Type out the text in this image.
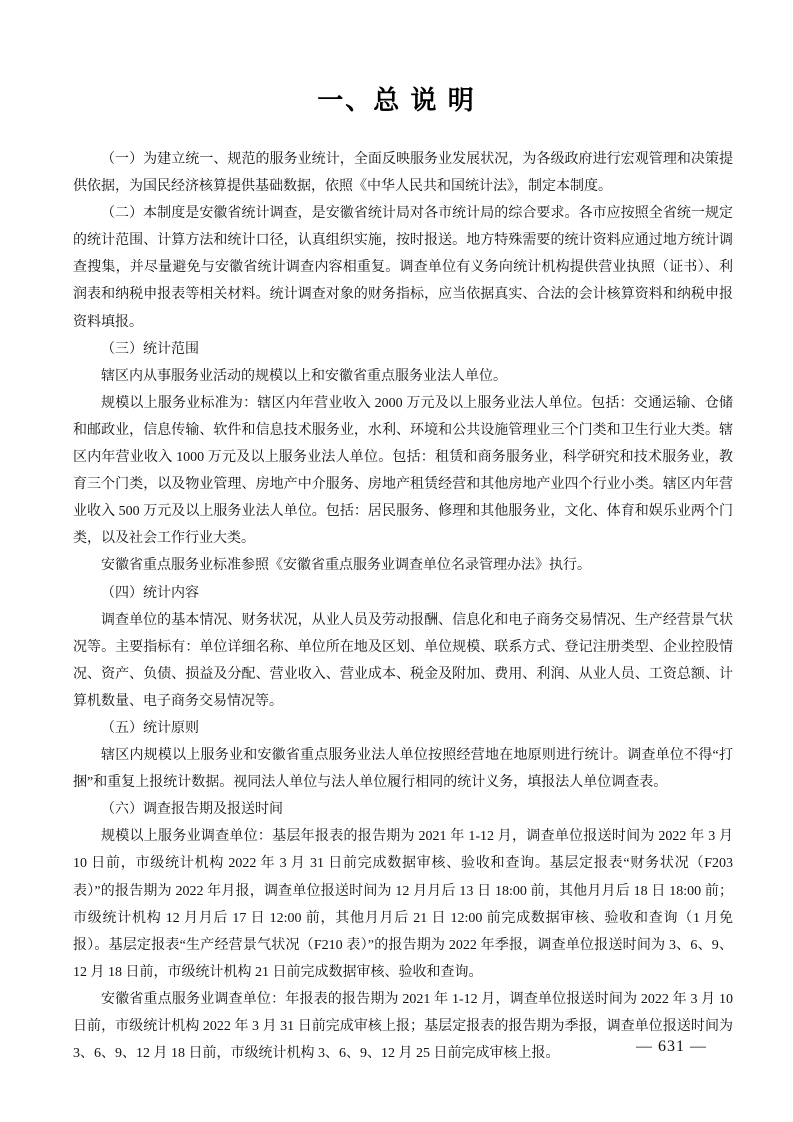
一、总 说 明

（一）为建立统一、规范的服务业统计，全面反映服务业发展状况，为各级政府进行宏观管理和决策提供依据，为国民经济核算提供基础数据，依照《中华人民共和国统计法》，制定本制度。

（二）本制度是安徽省统计调查，是安徽省统计局对各市统计局的综合要求。各市应按照全省统一规定的统计范围、计算方法和统计口径，认真组织实施，按时报送。地方特殊需要的统计资料应通过地方统计调查搜集，并尽量避免与安徽省统计调查内容相重复。调查单位有义务向统计机构提供营业执照（证书）、利润表和纳税申报表等相关材料。统计调查对象的财务指标，应当依据真实、合法的会计核算资料和纳税申报资料填报。

（三）统计范围

辖区内从事服务业活动的规模以上和安徽省重点服务业法人单位。

规模以上服务业标准为：辖区内年营业收入 2000 万元及以上服务业法人单位。包括：交通运输、仓储和邮政业，信息传输、软件和信息技术服务业，水利、环境和公共设施管理业三个门类和卫生行业大类。辖区内年营业收入 1000 万元及以上服务业法人单位。包括：租赁和商务服务业，科学研究和技术服务业，教育三个门类，以及物业管理、房地产中介服务、房地产租赁经营和其他房地产业四个行业小类。辖区内年营业收入 500 万元及以上服务业法人单位。包括：居民服务、修理和其他服务业，文化、体育和娱乐业两个门类，以及社会工作行业大类。

安徽省重点服务业标准参照《安徽省重点服务业调查单位名录管理办法》执行。

（四）统计内容

调查单位的基本情况、财务状况，从业人员及劳动报酬、信息化和电子商务交易情况、生产经营景气状况等。主要指标有：单位详细名称、单位所在地及区划、单位规模、联系方式、登记注册类型、企业控股情况、资产、负债、损益及分配、营业收入、营业成本、税金及附加、费用、利润、从业人员、工资总额、计算机数量、电子商务交易情况等。

（五）统计原则

辖区内规模以上服务业和安徽省重点服务业法人单位按照经营地在地原则进行统计。调查单位不得“打捆”和重复上报统计数据。视同法人单位与法人单位履行相同的统计义务，填报法人单位调查表。

（六）调查报告期及报送时间

规模以上服务业调查单位：基层年报表的报告期为 2021 年 1-12 月，调查单位报送时间为 2022 年 3 月 10 日前，市级统计机构 2022 年 3 月 31 日前完成数据审核、验收和查询。基层定报表“财务状况（F203 表）”的报告期为 2022 年月报，调查单位报送时间为 12 月月后 13 日 18:00 前，其他月月后 18 日 18:00 前；市级统计机构 12 月月后 17 日 12:00 前，其他月月后 21 日 12:00 前完成数据审核、验收和查询（1 月免报）。基层定报表“生产经营景气状况（F210 表）”的报告期为 2022 年季报，调查单位报送时间为 3、6、9、12 月 18 日前，市级统计机构 21 日前完成数据审核、验收和查询。

安徽省重点服务业调查单位：年报表的报告期为 2021 年 1-12 月，调查单位报送时间为 2022 年 3 月 10 日前，市级统计机构 2022 年 3 月 31 日前完成审核上报；基层定报表的报告期为季报，调查单位报送时间为 3、6、9、12 月 18 日前，市级统计机构 3、6、9、12 月 25 日前完成审核上报。	— 631 —
